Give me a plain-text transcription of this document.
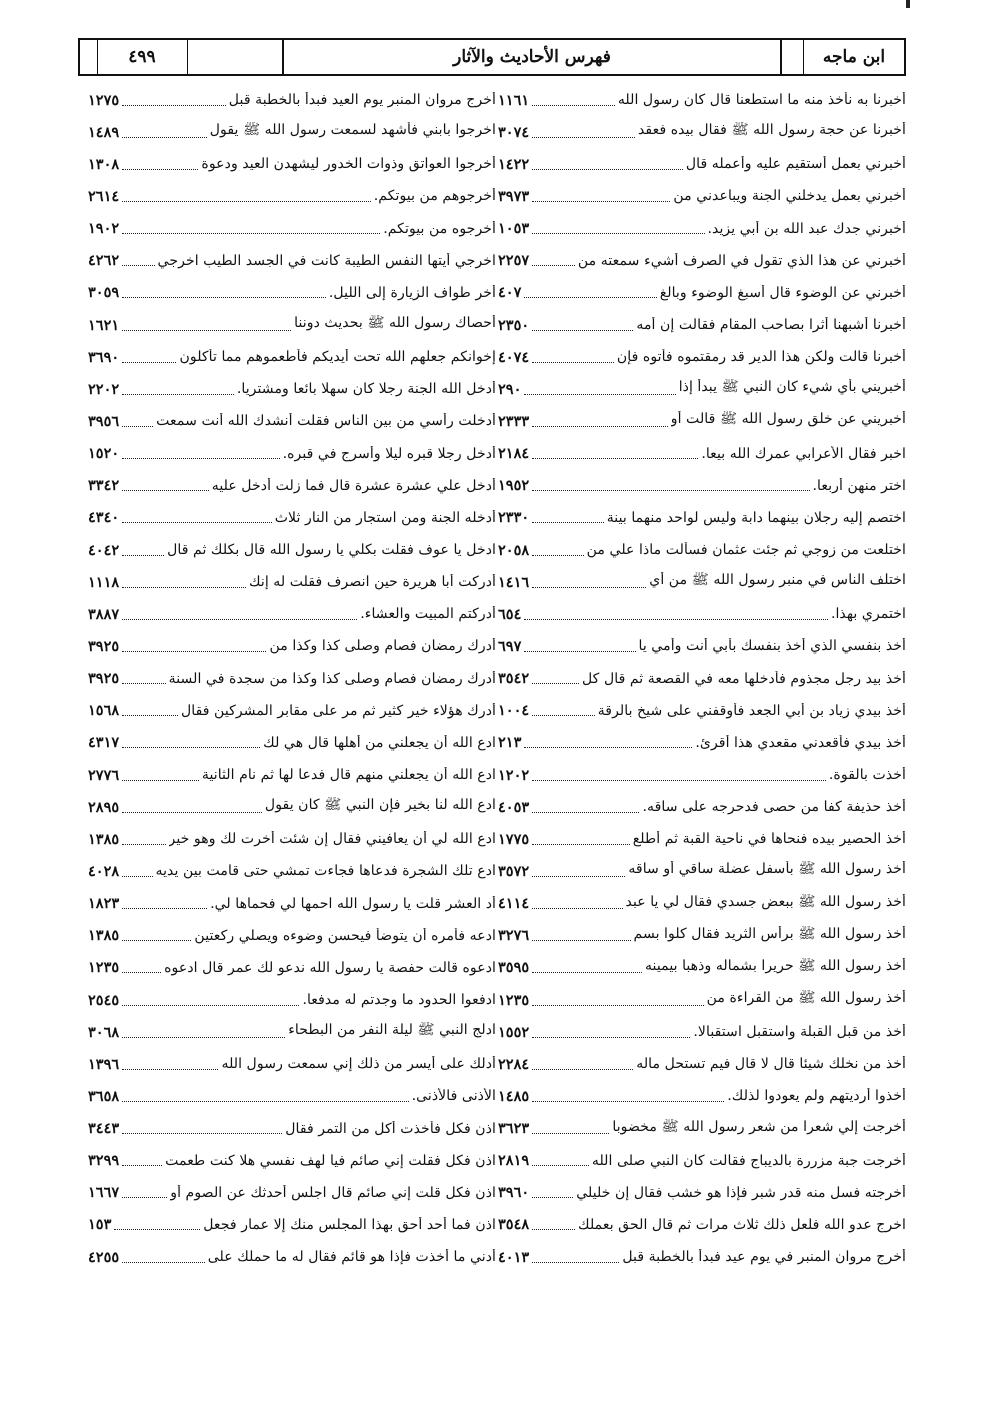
ابن ماجه
فهرس الأحاديث والآثار
٤٩٩
أخبرنا به نأخذ منه ما استطعنا قال كان رسول الله
١١٦١
أخبرنا عن حجة رسول الله ﷺ فقال بيده فعقد
٣٠٧٤
أخبرني بعمل أستقيم عليه وأعمله قال
١٤٢٢
أخبرني بعمل يدخلني الجنة ويباعدني من
٣٩٧٣
أخبرني جدك عبد الله بن أبي يزيد.
١٠٥٣
أخبرني عن هذا الذي تقول في الصرف أشيء سمعته من
٢٢٥٧
أخبرني عن الوضوء قال أسبغ الوضوء وبالغ
٤٠٧
أخبرنا أشبهنا أثرا بصاحب المقام فقالت إن أمه
٢٣٥٠
أخبرنا قالت ولكن هذا الدير قد رمقتموه فأتوه فإن
٤٠٧٤
أخبريني بأي شيء كان النبي ﷺ يبدأ إذا
٢٩٠
أخبريني عن خلق رسول الله ﷺ قالت أو
٢٣٣٣
اخبر فقال الأعرابي عمرك الله بيعا.
٢١٨٤
اختر منهن أربعا.
١٩٥٢
اختصم إليه رجلان بينهما دابة وليس لواحد منهما بينة
٢٣٣٠
اختلعت من زوجي ثم جئت عثمان فسألت ماذا علي من
٢٠٥٨
اختلف الناس في منبر رسول الله ﷺ من أي
١٤١٦
اختمري بهذا.
٦٥٤
أخذ بنفسي الذي أخذ بنفسك بأبي أنت وأمي يا
٦٩٧
أخذ بيد رجل مجذوم فأدخلها معه في القصعة ثم قال كل
٣٥٤٢
أخذ بيدي زياد بن أبي الجعد فأوقفني على شيخ بالرقة
١٠٠٤
أخذ بيدي فأقعدني مقعدي هذا أقرئ.
٢١٣
أخذت بالقوة.
١٢٠٢
أخذ حذيفة كفا من حصى فدحرجه على ساقه.
٤٠٥٣
أخذ الحصير بيده فنحاها في ناحية القبة ثم أطلع
١٧٧٥
أخذ رسول الله ﷺ بأسفل عضلة ساقي أو ساقه
٣٥٧٢
أخذ رسول الله ﷺ ببعض جسدي فقال لي يا عبد
٤١١٤
أخذ رسول الله ﷺ برأس الثريد فقال كلوا بسم
٣٢٧٦
أخذ رسول الله ﷺ حريرا بشماله وذهبا بيمينه
٣٥٩٥
أخذ رسول الله ﷺ من القراءة من
١٢٣٥
أخذ من قبل القبلة واستقبل استقبالا.
١٥٥٢
أخذ من نخلك شيئا قال لا قال فيم تستحل ماله
٢٢٨٤
أخذوا أرديتهم ولم يعودوا لذلك.
١٤٨٥
أخرجت إلي شعرا من شعر رسول الله ﷺ مخضوبا
٣٦٢٣
أخرجت جبة مزررة بالديباج فقالت كان النبي صلى الله
٢٨١٩
أخرجته فسل منه قدر شبر فإذا هو خشب فقال إن خليلي
٣٩٦٠
اخرج عدو الله فلعل ذلك ثلاث مرات ثم قال الحق بعملك
٣٥٤٨
أخرج مروان المنبر في يوم عيد فبدأ بالخطبة قبل
٤٠١٣
أخرج مروان المنبر يوم العيد فبدأ بالخطبة قبل
١٢٧٥
اخرجوا بابني فأشهد لسمعت رسول الله ﷺ يقول
١٤٨٩
أخرجوا العواتق وذوات الخدور ليشهدن العيد ودعوة
١٣٠٨
أخرجوهم من بيوتكم.
٢٦١٤
أخرجوه من بيوتكم.
١٩٠٢
اخرجي أيتها النفس الطيبة كانت في الجسد الطيب اخرجي
٤٢٦٢
أخر طواف الزيارة إلى الليل.
٣٠٥٩
أحصاك رسول الله ﷺ بحديث دوننا
١٦٢١
إخوانكم جعلهم الله تحت أيديكم فأطعموهم مما تأكلون
٣٦٩٠
أدخل الله الجنة رجلا كان سهلا بائعا ومشتريا.
٢٢٠٢
أدخلت رأسي من بين الناس فقلت أنشدك الله أنت سمعت
٣٩٥٦
أدخل رجلا قبره ليلا وأسرج في قبره.
١٥٢٠
أدخل علي عشرة عشرة قال فما زلت أدخل عليه
٣٣٤٢
أدخله الجنة ومن استجار من النار ثلاث
٤٣٤٠
ادخل يا عوف فقلت بكلي يا رسول الله قال بكلك ثم قال
٤٠٤٢
أدركت أبا هريرة حين انصرف فقلت له إنك
١١١٨
أدركتم المبيت والعشاء.
٣٨٨٧
أدرك رمضان فصام وصلى كذا وكذا من
٣٩٢٥
أدرك رمضان فصام وصلى كذا وكذا من سجدة في السنة
٣٩٢٥
أدرك هؤلاء خير كثير ثم مر على مقابر المشركين فقال
١٥٦٨
ادع الله أن يجعلني من أهلها قال هي لك
٤٣١٧
ادع الله أن يجعلني منهم قال فدعا لها ثم نام الثانية
٢٧٧٦
ادع الله لنا بخير فإن النبي ﷺ كان يقول
٢٨٩٥
ادع الله لي أن يعافيني فقال إن شئت أخرت لك وهو خير
١٣٨٥
ادع تلك الشجرة فدعاها فجاءت تمشي حتى قامت بين يديه
٤٠٢٨
أد العشر قلت يا رسول الله احمها لي فحماها لي.
١٨٢٣
ادعه فأمره أن يتوضأ فيحسن وضوءه ويصلي ركعتين
١٣٨٥
ادعوه قالت حفصة يا رسول الله ندعو لك عمر قال ادعوه
١٢٣٥
ادفعوا الحدود ما وجدتم له مدفعا.
٢٥٤٥
ادلج النبي ﷺ ليلة النفر من البطحاء
٣٠٦٨
أدلك على أيسر من ذلك إني سمعت رسول الله
١٣٩٦
الأذنى فالأذنى.
٣٦٥٨
اذن فكل فأخذت أكل من التمر فقال
٣٤٤٣
اذن فكل فقلت إني صائم فيا لهف نفسي هلا كنت طعمت
٣٢٩٩
اذن فكل قلت إني صائم قال اجلس أحدثك عن الصوم أو
١٦٦٧
اذن فما أحد أحق بهذا المجلس منك إلا عمار فجعل
١٥٣
أدني ما أخذت فإذا هو قائم فقال له ما حملك على
٤٢٥٥
